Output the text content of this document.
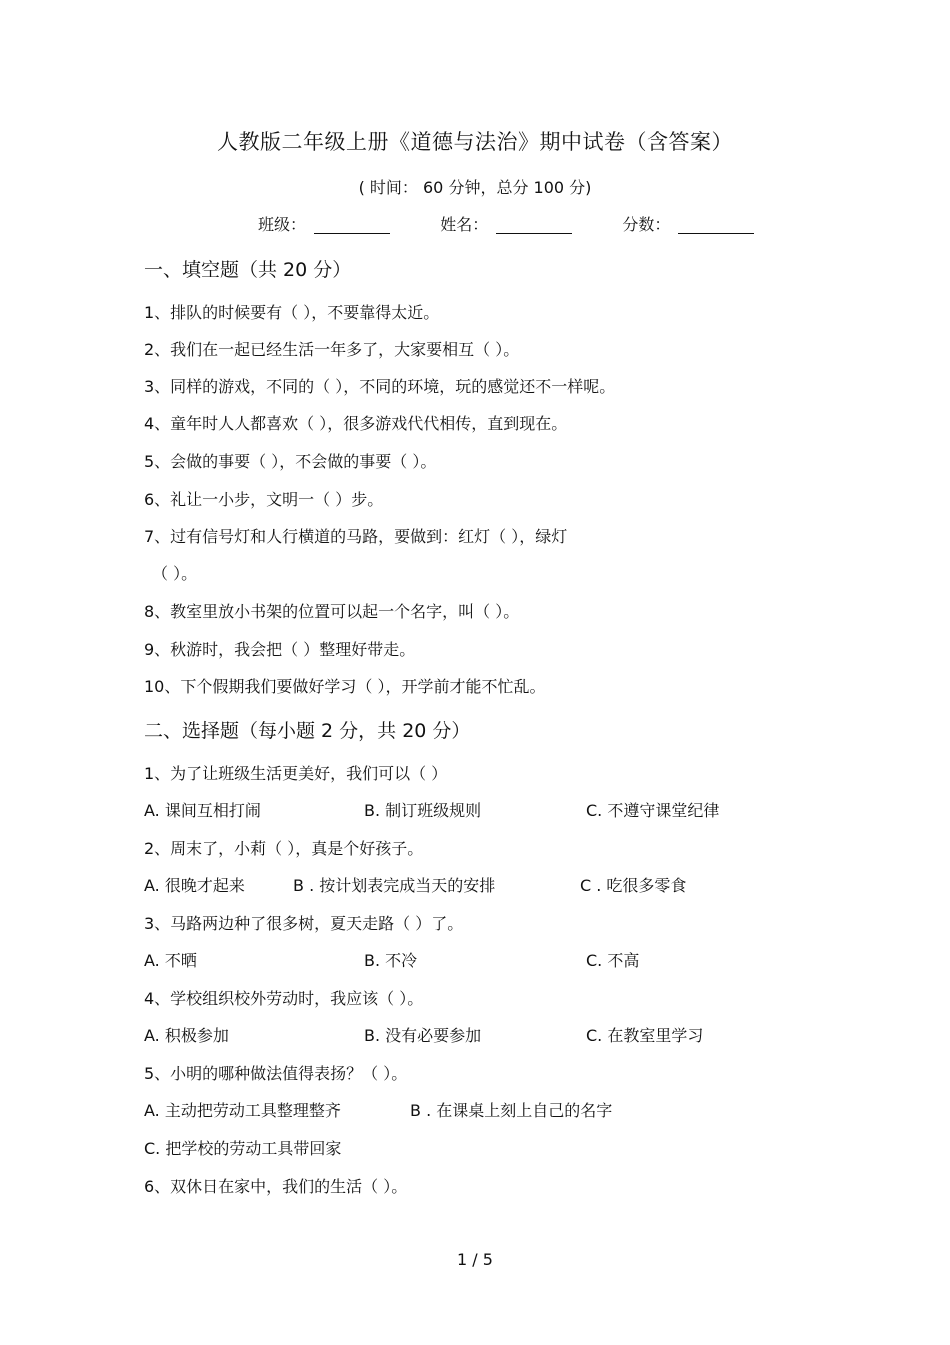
人教版二年级上册《道德与法治》期中试卷（含答案）
( 时间： 60 分钟，总分 100 分)
班级：	姓名：	分数：
一、填空题（共 20 分）
1、排队的时候要有（ ），不要靠得太近。
2、我们在一起已经生活一年多了，大家要相互（ ）。
3、同样的游戏，不同的（ ），不同的环境，玩的感觉还不一样呢。
4、童年时人人都喜欢（ ），很多游戏代代相传，直到现在。
5、会做的事要（ ），不会做的事要（ ）。
6、礼让一小步，文明一（ ）步。
7、过有信号灯和人行横道的马路，要做到：红灯（ ），绿灯
（ ）。
8、教室里放小书架的位置可以起一个名字，叫（ ）。
9、秋游时，我会把（ ）整理好带走。
10、下个假期我们要做好学习（ ），开学前才能不忙乱。
二、选择题（每小题 2 分，共 20 分）
1、为了让班级生活更美好，我们可以（ ）
A. 课间互相打闹	B. 制订班级规则	C. 不遵守课堂纪律
2、周末了，小莉（ ），真是个好孩子。
A. 很晚才起来	B . 按计划表完成当天的安排	C . 吃很多零食
3、马路两边种了很多树，夏天走路（ ）了。
A. 不晒	B. 不冷	C. 不高
4、学校组织校外劳动时，我应该（ ）。
A. 积极参加	B. 没有必要参加	C. 在教室里学习
5、小明的哪种做法值得表扬？（ ）。
A. 主动把劳动工具整理整齐	B . 在课桌上刻上自己的名字
C. 把学校的劳动工具带回家
6、双休日在家中，我们的生活（ ）。
1 / 5
